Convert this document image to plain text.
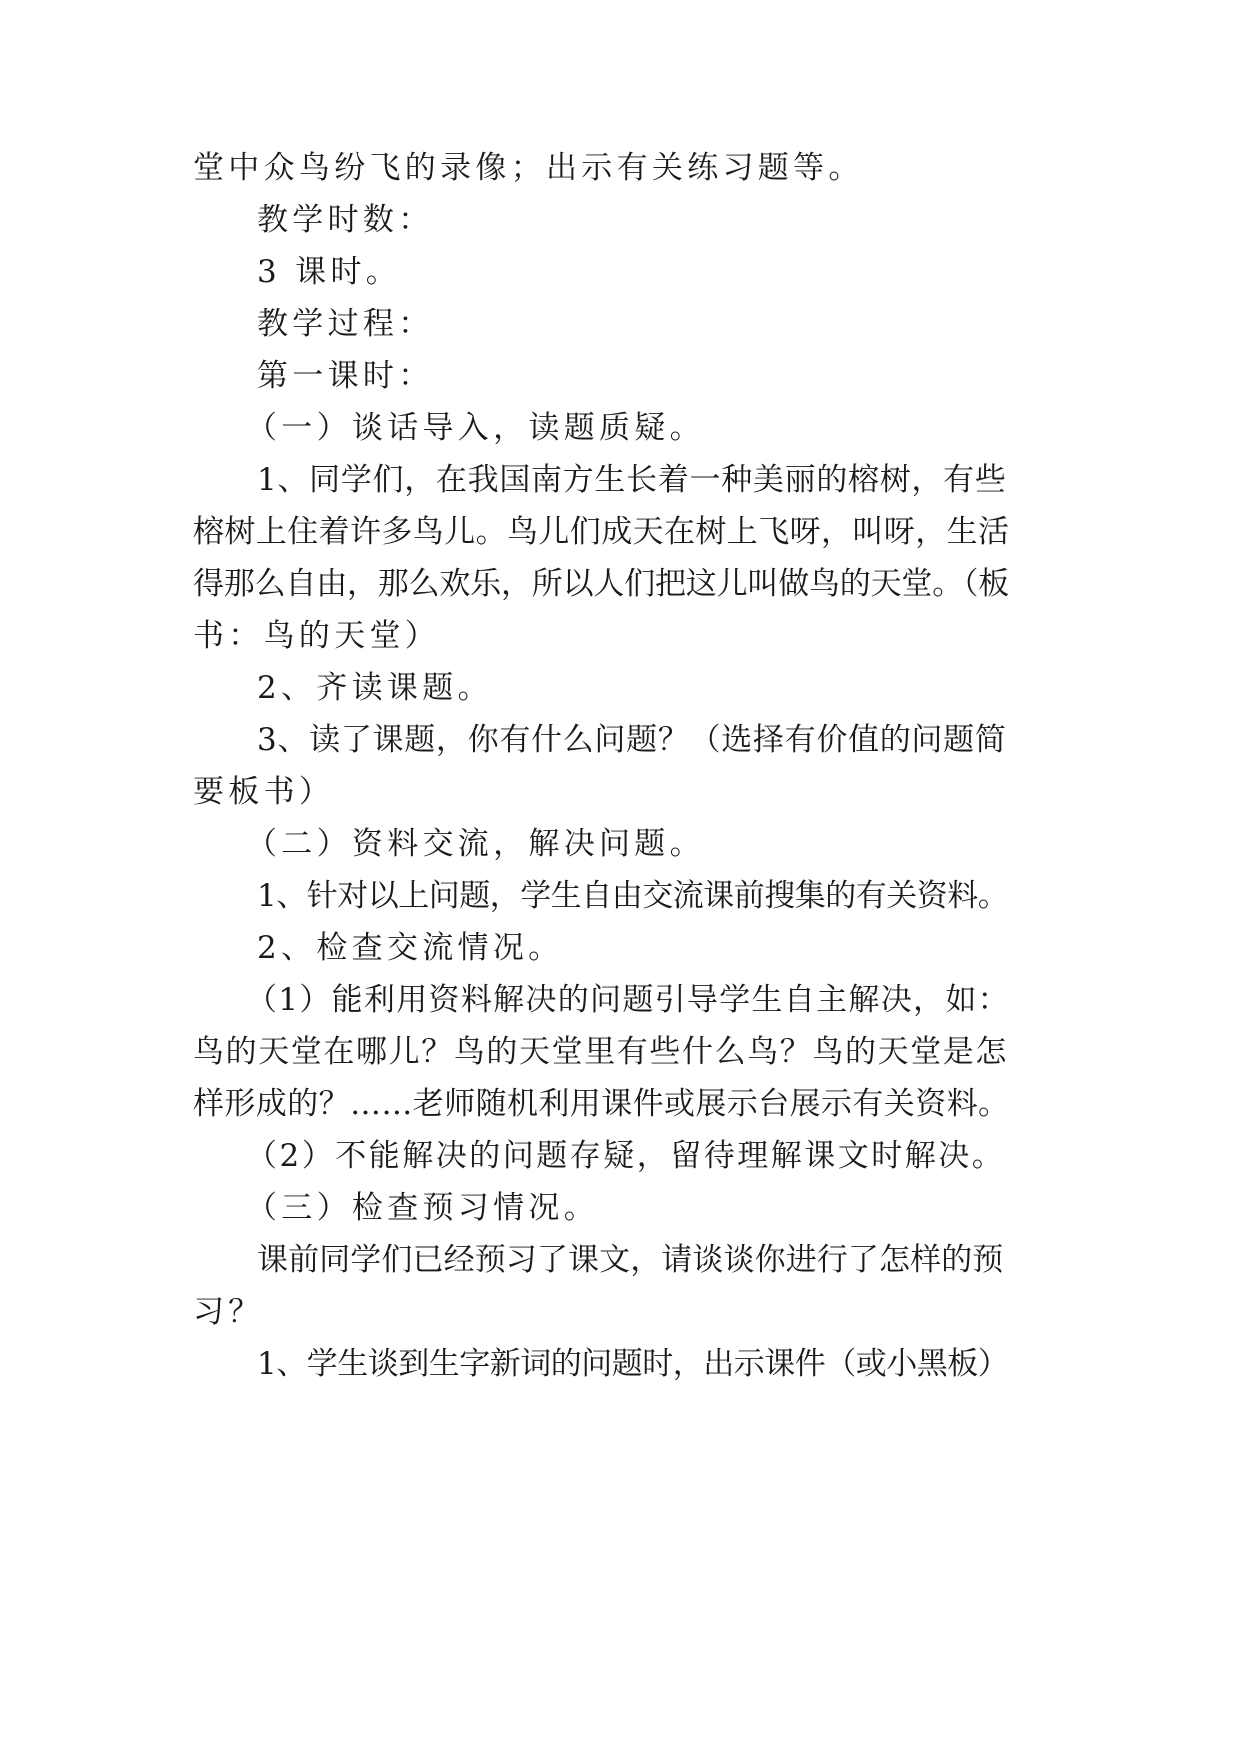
堂中众鸟纷飞的录像；出示有关练习题等。
教学时数：
3 课时。
教学过程：
第一课时：
（一）谈话导入，读题质疑。
1、同学们，在我国南方生长着一种美丽的榕树，有些
榕树上住着许多鸟儿。鸟儿们成天在树上飞呀，叫呀，生活
得那么自由，那么欢乐，所以人们把这儿叫做鸟的天堂。（板
书：鸟的天堂）
2、齐读课题。
3、读了课题，你有什么问题？（选择有价值的问题简
要板书）
（二）资料交流，解决问题。
1、针对以上问题，学生自由交流课前搜集的有关资料。
2、检查交流情况。
（1）能利用资料解决的问题引导学生自主解决，如：
鸟的天堂在哪儿？鸟的天堂里有些什么鸟？鸟的天堂是怎
样形成的？……老师随机利用课件或展示台展示有关资料。
（2）不能解决的问题存疑，留待理解课文时解决。
（三）检查预习情况。
课前同学们已经预习了课文，请谈谈你进行了怎样的预
习？
1、学生谈到生字新词的问题时，出示课件（或小黑板）
